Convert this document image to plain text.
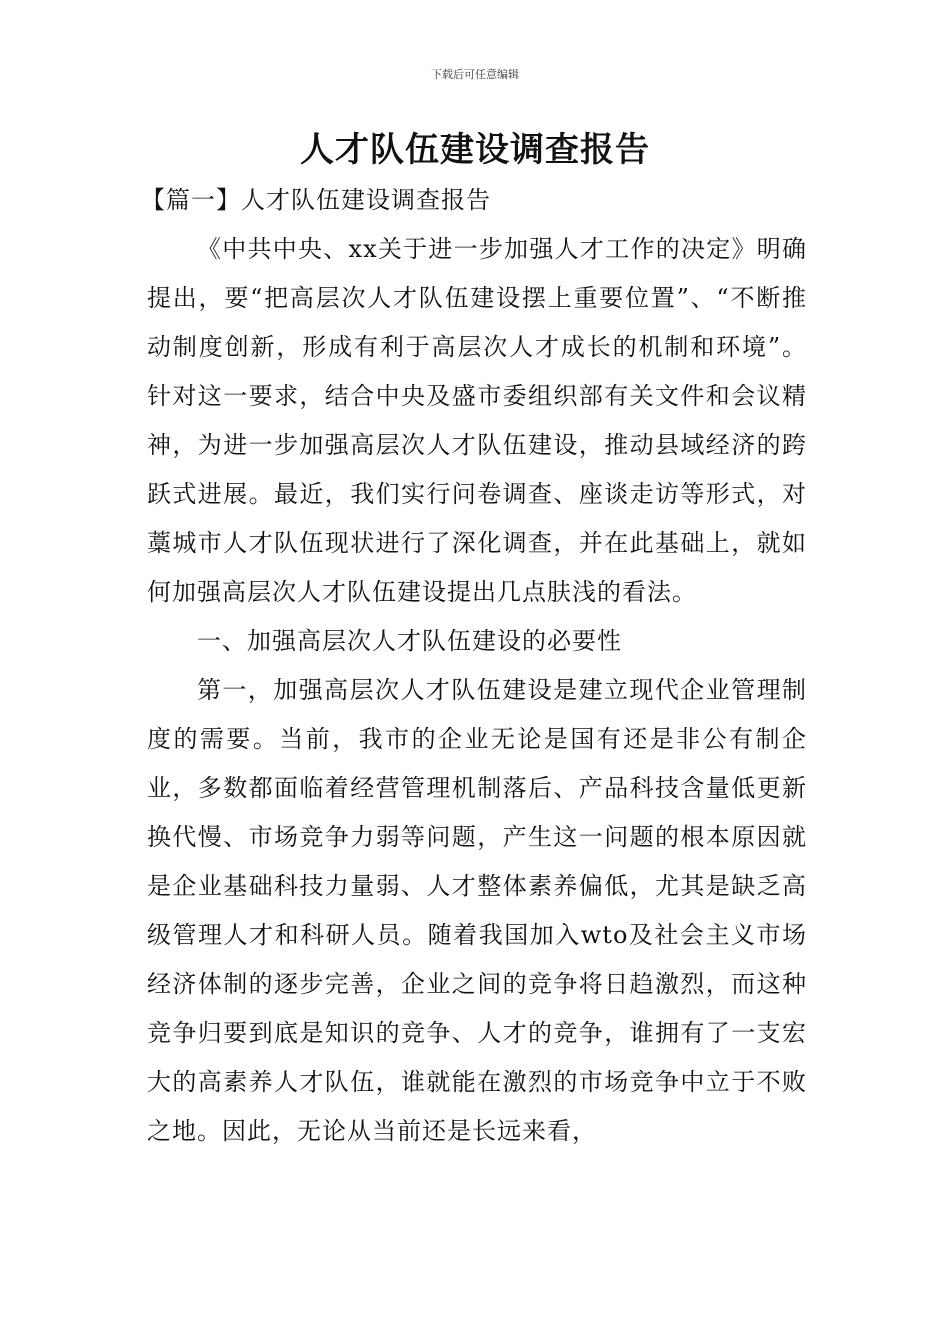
下载后可任意编辑
人才队伍建设调查报告

【篇一】人才队伍建设调查报告

《中共中央、xx关于进一步加强人才工作的决定》明确提出，要“把高层次人才队伍建设摆上重要位置”、“不断推动制度创新，形成有利于高层次人才成长的机制和环境”。针对这一要求，结合中央及盛市委组织部有关文件和会议精神，为进一步加强高层次人才队伍建设，推动县域经济的跨跃式进展。最近，我们实行问卷调查、座谈走访等形式，对藁城市人才队伍现状进行了深化调查，并在此基础上，就如何加强高层次人才队伍建设提出几点肤浅的看法。

一、加强高层次人才队伍建设的必要性

第一，加强高层次人才队伍建设是建立现代企业管理制度的需要。当前，我市的企业无论是国有还是非公有制企业，多数都面临着经营管理机制落后、产品科技含量低更新换代慢、市场竞争力弱等问题，产生这一问题的根本原因就是企业基础科技力量弱、人才整体素养偏低，尤其是缺乏高级管理人才和科研人员。随着我国加入wto及社会主义市场经济体制的逐步完善，企业之间的竞争将日趋激烈，而这种竞争归要到底是知识的竞争、人才的竞争，谁拥有了一支宏大的高素养人才队伍，谁就能在激烈的市场竞争中立于不败之地。因此，无论从当前还是长远来看，
